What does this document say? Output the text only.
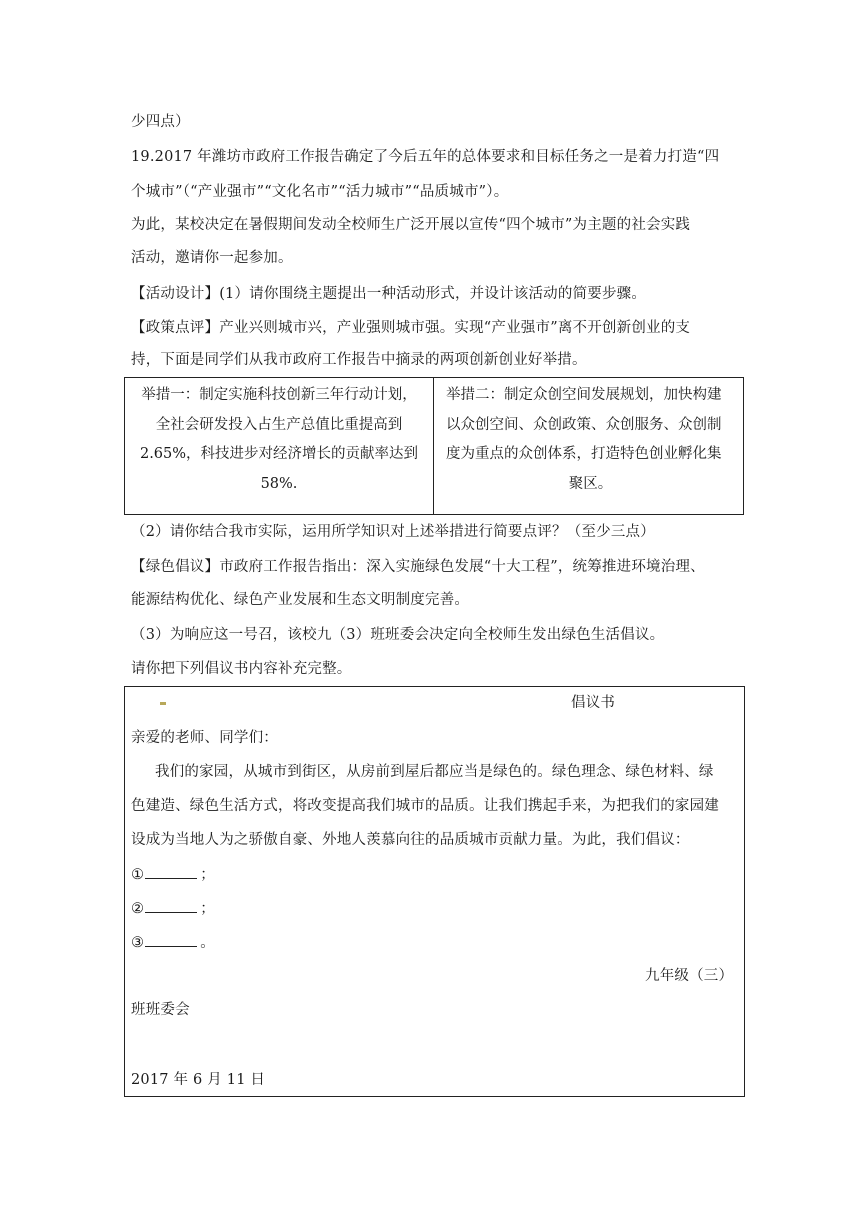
少四点）
19.2017 年潍坊市政府工作报告确定了今后五年的总体要求和目标任务之一是着力打造“四
个城市”（“产业强市”“文化名市”“活力城市”“品质城市”）。
为此，某校决定在暑假期间发动全校师生广泛开展以宣传“四个城市”为主题的社会实践
活动，邀请你一起参加。
【活动设计】(1）请你围绕主题提出一种活动形式，并设计该活动的简要步骤。
【政策点评】产业兴则城市兴，产业强则城市强。实现“产业强市”离不开创新创业的支
持，下面是同学们从我市政府工作报告中摘录的两项创新创业好举措。
举措一：制定实施科技创新三年行动计划，
全社会研发投入占生产总值比重提高到
2.65%，科技进步对经济增长的贡献率达到
58%.
举措二：制定众创空间发展规划，加快构建
以众创空间、众创政策、众创服务、众创制
度为重点的众创体系，打造特色创业孵化集
聚区。
（2）请你结合我市实际，运用所学知识对上述举措进行简要点评？（至少三点）
【绿色倡议】市政府工作报告指出：深入实施绿色发展“十大工程”，统筹推进环境治理、
能源结构优化、绿色产业发展和生态文明制度完善。
（3）为响应这一号召，该校九（3）班班委会决定向全校师生发出绿色生活倡议。
请你把下列倡议书内容补充完整。
倡议书
亲爱的老师、同学们：
我们的家园，从城市到街区，从房前到屋后都应当是绿色的。绿色理念、绿色材料、绿
色建造、绿色生活方式，将改变提高我们城市的品质。让我们携起手来，为把我们的家园建
设成为当地人为之骄傲自豪、外地人羡慕向往的品质城市贡献力量。为此，我们倡议：
①	；
②	；
③	。
九年级（三）
班班委会
2017 年 6 月 11 日
